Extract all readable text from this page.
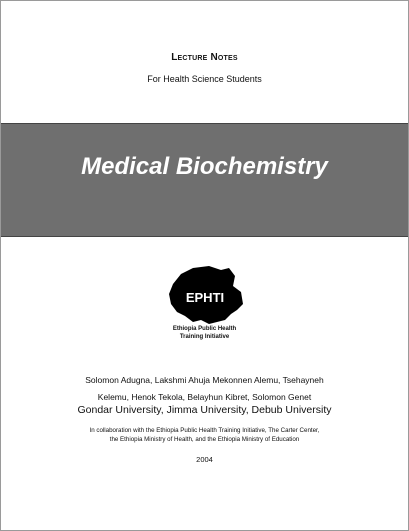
Lecture Notes
For Health Science Students
Medical Biochemistry
EPHTI
Ethiopia Public Health
Training Initiative
Solomon Adugna, Lakshmi Ahuja Mekonnen Alemu, Tsehayneh
Kelemu, Henok Tekola, Belayhun Kibret, Solomon Genet
Gondar University, Jimma University, Debub University
In collaboration with the Ethiopia Public Health Training Initiative, The Carter Center,
the Ethiopia Ministry of Health, and the Ethiopia Ministry of Education
2004
